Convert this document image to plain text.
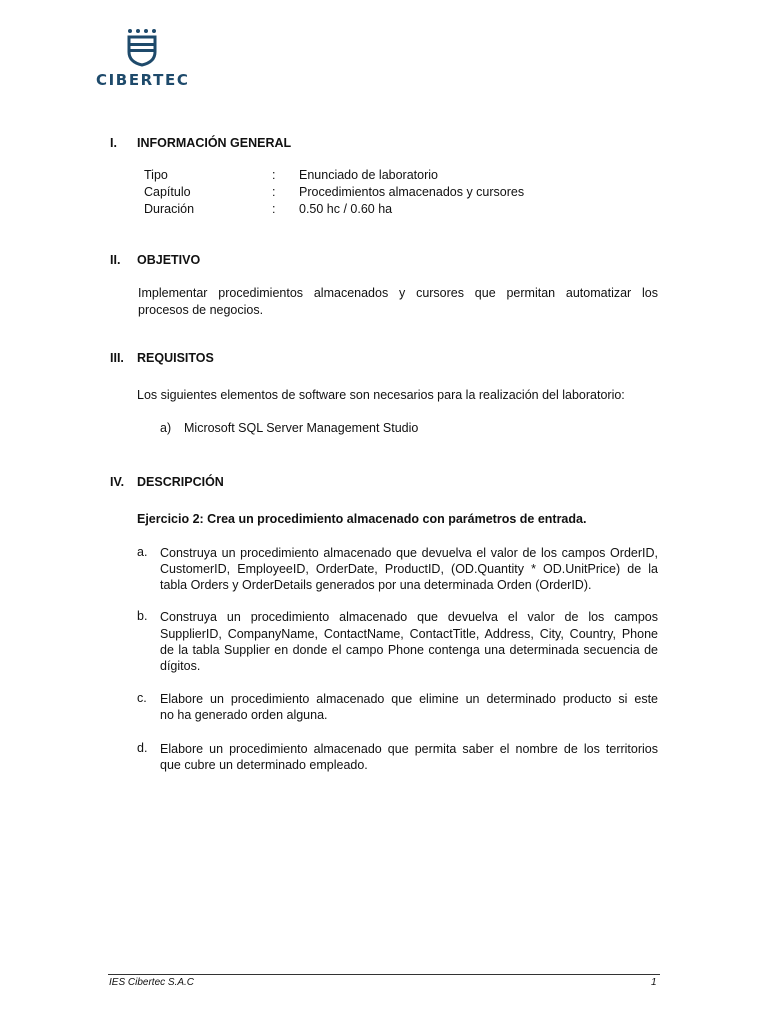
CIBERTEC
I. INFORMACIÓN GENERAL
Tipo	: Enunciado de laboratorio
Capítulo	: Procedimientos almacenados y cursores
Duración	: 0.50 hc / 0.60 ha
II. OBJETIVO
Implementar procedimientos almacenados y cursores que permitan automatizar los
procesos de negocios.
III. REQUISITOS
Los siguientes elementos de software son necesarios para la realización del laboratorio:
a) Microsoft SQL Server Management Studio
IV. DESCRIPCIÓN
Ejercicio 2: Crea un procedimiento almacenado con parámetros de entrada.
a. Construya un procedimiento almacenado que devuelva el valor de los campos OrderID,
CustomerID, EmployeeID, OrderDate, ProductID, (OD.Quantity * OD.UnitPrice) de la
tabla Orders y OrderDetails generados por una determinada Orden (OrderID).
b. Construya un procedimiento almacenado que devuelva el valor de los campos
SupplierID, CompanyName, ContactName, ContactTitle, Address, City, Country, Phone
de la tabla Supplier en donde el campo Phone contenga una determinada secuencia de
dígitos.
c. Elabore un procedimiento almacenado que elimine un determinado producto si este
no ha generado orden alguna.
d. Elabore un procedimiento almacenado que permita saber el nombre de los territorios
que cubre un determinado empleado.
IES Cibertec S.A.C	1
